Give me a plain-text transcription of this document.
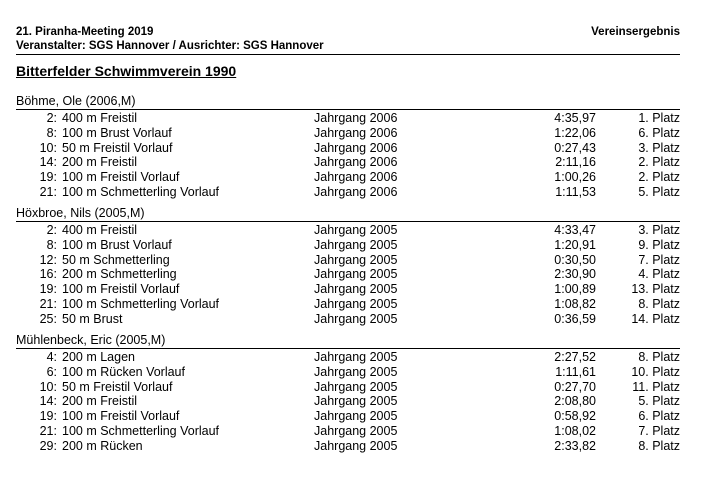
21. Piranha-Meeting 2019
Veranstalter: SGS Hannover / Ausrichter: SGS Hannover
Vereinsergebnis
Bitterfelder Schwimmverein 1990
Böhme, Ole (2006,M)
2: 400 m Freistil	Jahrgang 2006	4:35,97	1. Platz
8: 100 m Brust Vorlauf	Jahrgang 2006	1:22,06	6. Platz
10: 50 m Freistil Vorlauf	Jahrgang 2006	0:27,43	3. Platz
14: 200 m Freistil	Jahrgang 2006	2:11,16	2. Platz
19: 100 m Freistil Vorlauf	Jahrgang 2006	1:00,26	2. Platz
21: 100 m Schmetterling Vorlauf	Jahrgang 2006	1:11,53	5. Platz
Höxbroe, Nils (2005,M)
2: 400 m Freistil	Jahrgang 2005	4:33,47	3. Platz
8: 100 m Brust Vorlauf	Jahrgang 2005	1:20,91	9. Platz
12: 50 m Schmetterling	Jahrgang 2005	0:30,50	7. Platz
16: 200 m Schmetterling	Jahrgang 2005	2:30,90	4. Platz
19: 100 m Freistil Vorlauf	Jahrgang 2005	1:00,89	13. Platz
21: 100 m Schmetterling Vorlauf	Jahrgang 2005	1:08,82	8. Platz
25: 50 m Brust	Jahrgang 2005	0:36,59	14. Platz
Mühlenbeck, Eric (2005,M)
4: 200 m Lagen	Jahrgang 2005	2:27,52	8. Platz
6: 100 m Rücken Vorlauf	Jahrgang 2005	1:11,61	10. Platz
10: 50 m Freistil Vorlauf	Jahrgang 2005	0:27,70	11. Platz
14: 200 m Freistil	Jahrgang 2005	2:08,80	5. Platz
19: 100 m Freistil Vorlauf	Jahrgang 2005	0:58,92	6. Platz
21: 100 m Schmetterling Vorlauf	Jahrgang 2005	1:08,02	7. Platz
29: 200 m Rücken	Jahrgang 2005	2:33,82	8. Platz
